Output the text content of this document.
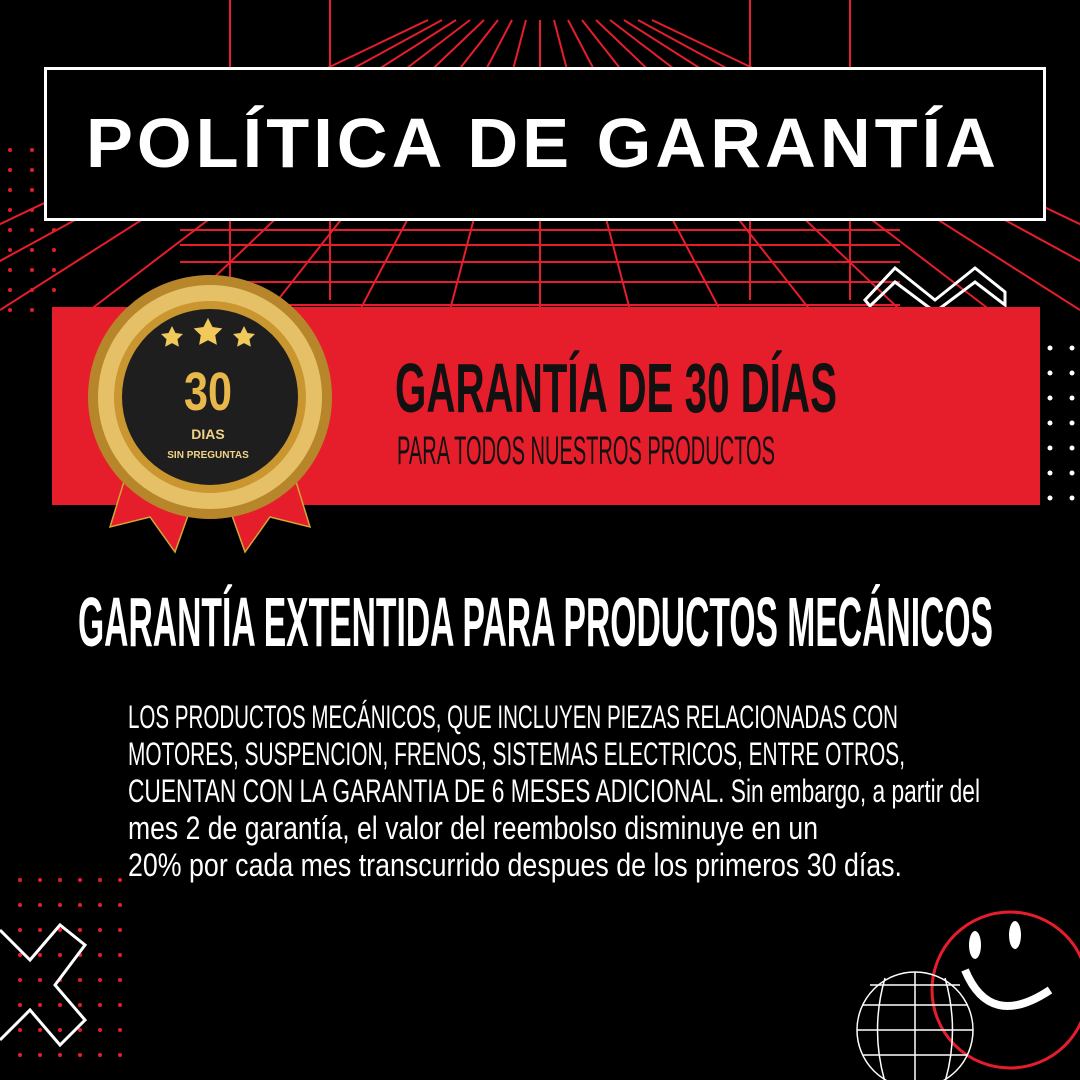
POLÍTICA DE GARANTÍA
GARANTÍA DE 30 DÍAS
PARA TODOS NUESTROS PRODUCTOS
30
DIAS
SIN PREGUNTAS
GARANTÍA EXTENTIDA PARA PRODUCTOS MECÁNICOS
LOS PRODUCTOS MECÁNICOS, QUE INCLUYEN PIEZAS RELACIONADAS CON
MOTORES, SUSPENCION, FRENOS, SISTEMAS ELECTRICOS, ENTRE OTROS,
CUENTAN CON LA GARANTIA DE 6 MESES ADICIONAL. Sin embargo, a partir del
mes 2 de garantía, el valor del reembolso disminuye en un
20% por cada mes transcurrido despues de los primeros 30 días.
